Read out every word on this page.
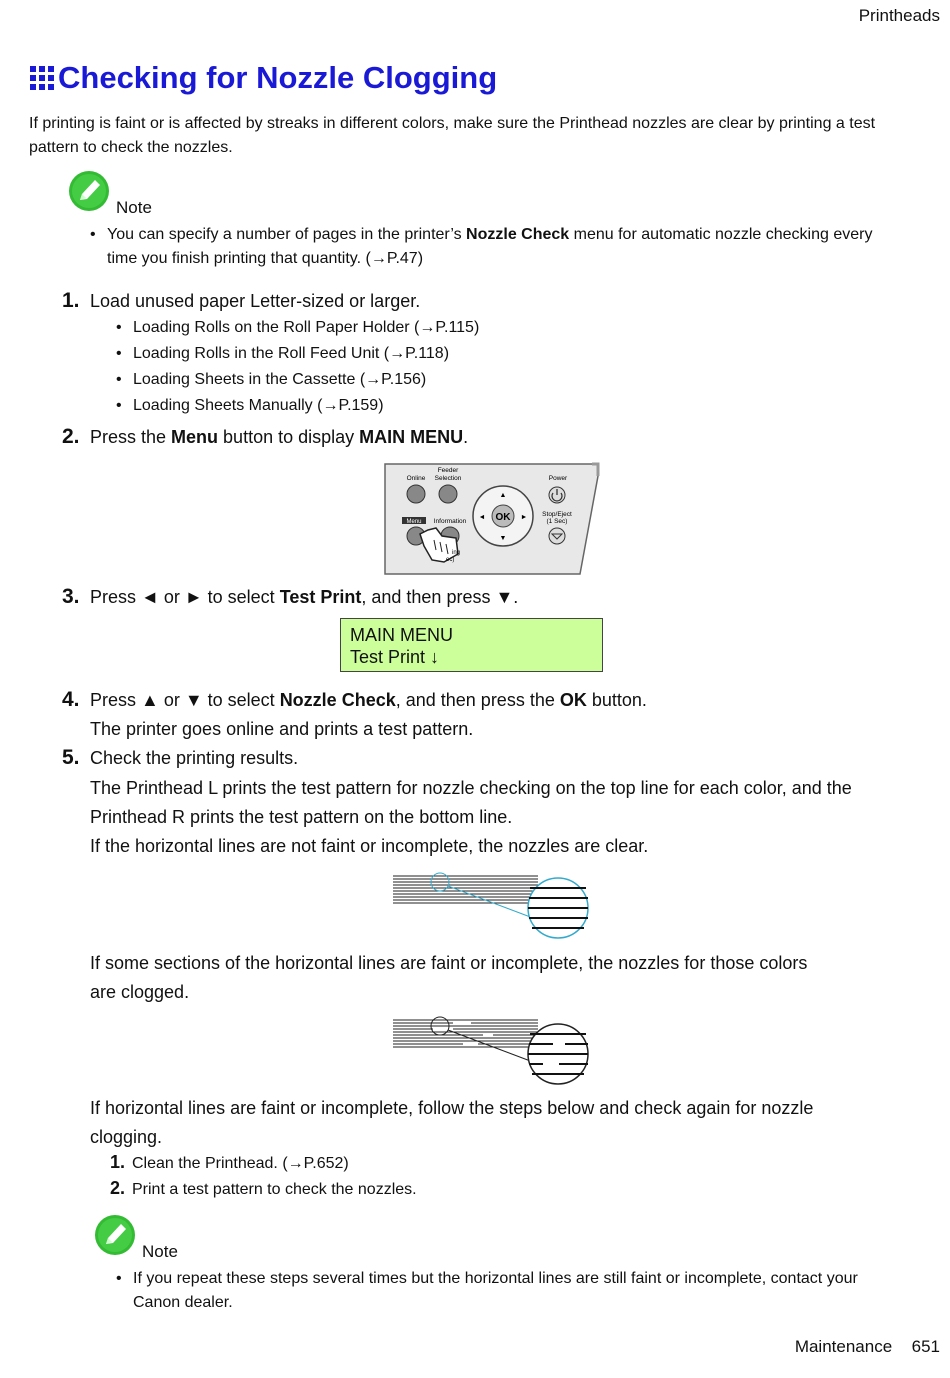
Printheads
Checking for Nozzle Clogging
If printing is faint or is affected by streaks in different colors, make sure the Printhead nozzles are clear by printing a test pattern to check the nozzles.
Note
• You can specify a number of pages in the printer’s Nozzle Check menu for automatic nozzle checking every time you finish printing that quantity. (→P.47)
1. Load unused paper Letter-sized or larger.
• Loading Rolls on the Roll Paper Holder (→P.115)
• Loading Rolls in the Roll Feed Unit (→P.118)
• Loading Sheets in the Cassette (→P.156)
• Loading Sheets Manually (→P.159)
2. Press the Menu button to display MAIN MENU.
Online
Feeder
Selection	Power
Menu Information	OK
▲
▼
◄	► Stop/Eject
(1 Sec)
ing
ec)
3. Press ◄ or ► to select Test Print, and then press ▼.
MAIN MENU
Test Print ↓
4. Press ▲ or ▼ to select Nozzle Check, and then press the OK button.
The printer goes online and prints a test pattern.
5. Check the printing results.
The Printhead L prints the test pattern for nozzle checking on the top line for each color, and the
Printhead R prints the test pattern on the bottom line.
If the horizontal lines are not faint or incomplete, the nozzles are clear.
If some sections of the horizontal lines are faint or incomplete, the nozzles for those colors
are clogged.
If horizontal lines are faint or incomplete, follow the steps below and check again for nozzle
clogging.
1. Clean the Printhead. (→P.652)
2. Print a test pattern to check the nozzles.
Note
• If you repeat these steps several times but the horizontal lines are still faint or incomplete, contact your Canon dealer.
Maintenance 651
